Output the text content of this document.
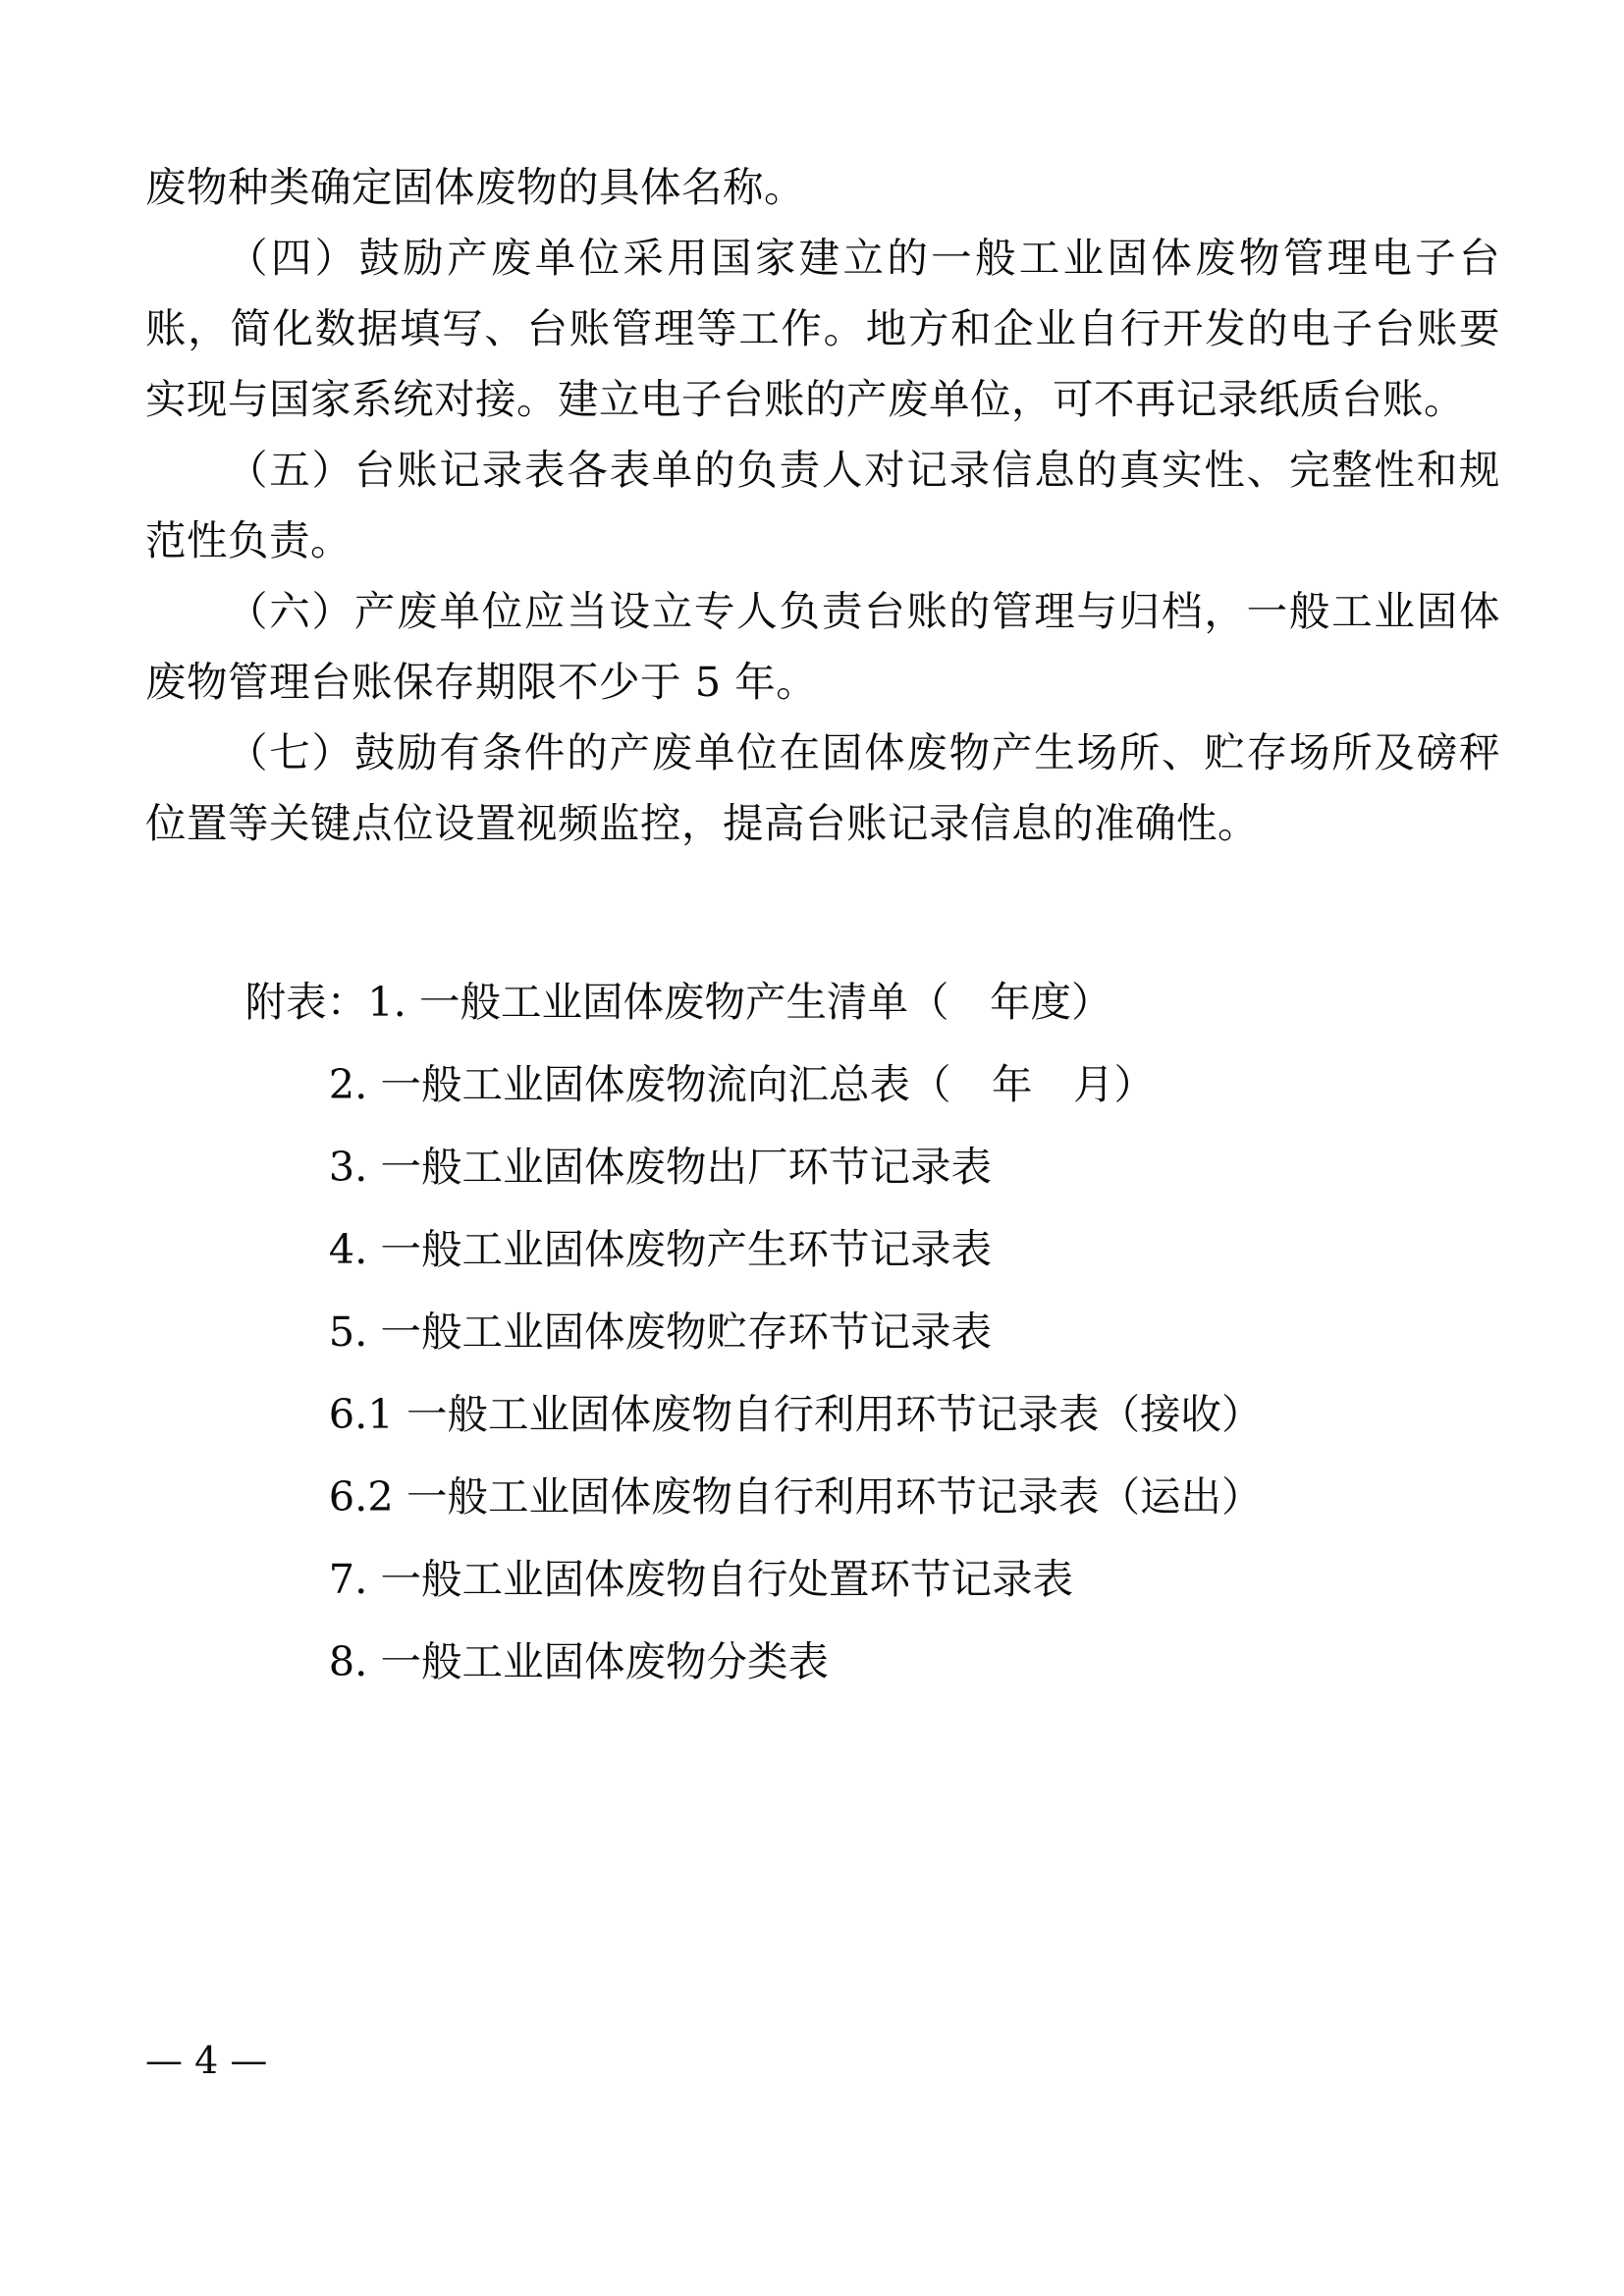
废物种类确定固体废物的具体名称。

（四）鼓励产废单位采用国家建立的一般工业固体废物管理电子台账，简化数据填写、台账管理等工作。地方和企业自行开发的电子台账要实现与国家系统对接。建立电子台账的产废单位，可不再记录纸质台账。

（五）台账记录表各表单的负责人对记录信息的真实性、完整性和规范性负责。

（六）产废单位应当设立专人负责台账的管理与归档，一般工业固体废物管理台账保存期限不少于 5 年。

（七）鼓励有条件的产废单位在固体废物产生场所、贮存场所及磅秤位置等关键点位设置视频监控，提高台账记录信息的准确性。

附表：1. 一般工业固体废物产生清单（　年度）
2. 一般工业固体废物流向汇总表（　年　月）
3. 一般工业固体废物出厂环节记录表
4. 一般工业固体废物产生环节记录表
5. 一般工业固体废物贮存环节记录表
6.1 一般工业固体废物自行利用环节记录表（接收）
6.2 一般工业固体废物自行利用环节记录表（运出）
7. 一般工业固体废物自行处置环节记录表
8. 一般工业固体废物分类表
— 4 —
